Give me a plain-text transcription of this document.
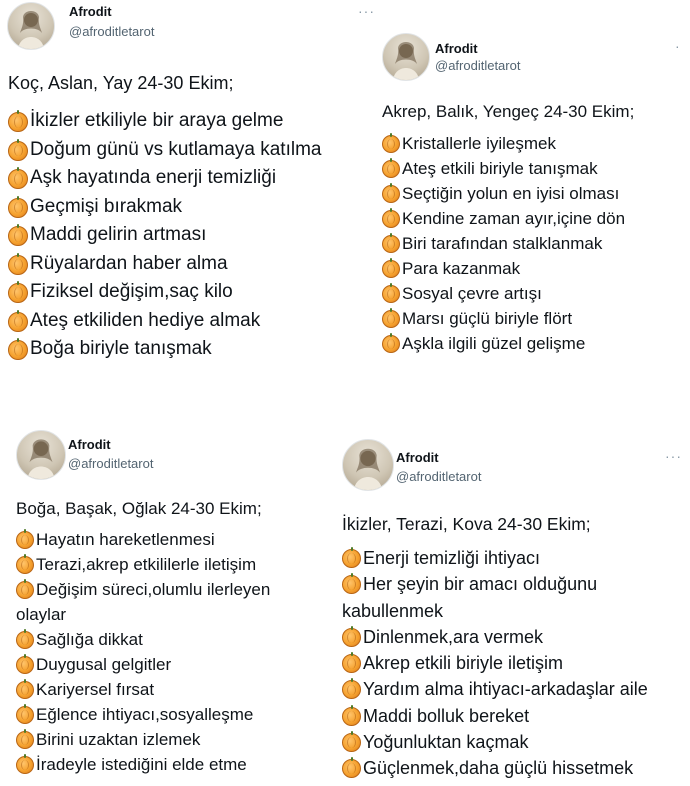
Afrodit
@afroditletarot
···
Koç, Aslan, Yay 24-30 Ekim;
İkizler etkiliyle bir araya gelme
Doğum günü vs kutlamaya katılma
Aşk hayatında enerji temizliği
Geçmişi bırakmak
Maddi gelirin artması
Rüyalardan haber alma
Fiziksel değişim,saç kilo
Ateş etkiliden hediye almak
Boğa biriyle tanışmak
Afrodit
@afroditletarot
·
Akrep, Balık, Yengeç 24-30 Ekim;
Kristallerle iyileşmek
Ateş etkili biriyle tanışmak
Seçtiğin yolun en iyisi olması
Kendine zaman ayır,içine dön
Biri tarafından stalklanmak
Para kazanmak
Sosyal çevre artışı
Marsı güçlü biriyle flört
Aşkla ilgili güzel gelişme
Afrodit
@afroditletarot
Boğa, Başak, Oğlak 24-30 Ekim;
Hayatın hareketlenmesi
Terazi,akrep etkililerle iletişim
Değişim süreci,olumlu ilerleyen
olaylar
Sağlığa dikkat
Duygusal gelgitler
Kariyersel fırsat
Eğlence ihtiyacı,sosyalleşme
Birini uzaktan izlemek
İradeyle istediğini elde etme
Afrodit
@afroditletarot
···
İkizler, Terazi, Kova 24-30 Ekim;
Enerji temizliği ihtiyacı
Her şeyin bir amacı olduğunu
kabullenmek
Dinlenmek,ara vermek
Akrep etkili biriyle iletişim
Yardım alma ihtiyacı-arkadaşlar aile
Maddi bolluk bereket
Yoğunluktan kaçmak
Güçlenmek,daha güçlü hissetmek
